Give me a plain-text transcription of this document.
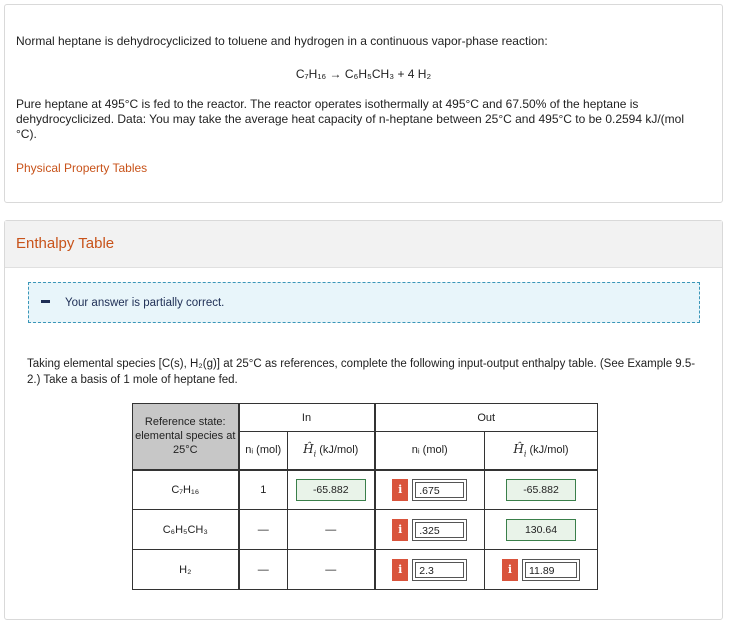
Normal heptane is dehydrocyclicized to toluene and hydrogen in a continuous vapor-phase reaction:

C₇H₁₆ → C₆H₅CH₃ + 4 H₂

Pure heptane at 495°C is fed to the reactor. The reactor operates isothermally at 495°C and 67.50% of the heptane is dehydrocyclicized. Data: You may take the average heat capacity of n-heptane between 25°C and 495°C to be 0.2594 kJ/(mol °C).

Physical Property Tables
Enthalpy Table
Your answer is partially correct.

Taking elemental species [C(s), H₂(g)] at 25°C as references, complete the following input-output enthalpy table. (See Example 9.5-2.) Take a basis of 1 mole of heptane fed.

Reference state: elemental species at 25°C	In		Out	
	nᵢ (mol)	$Ĥ_i$ (kJ/mol)	nᵢ (mol)	$Ĥ_i$ (kJ/mol)
C₇H₁₆	1	-65.882	i .675	-65.882
C₆H₅CH₃	—	—	i .325	130.64
H₂	—	—	i 2.3	i 11.89
